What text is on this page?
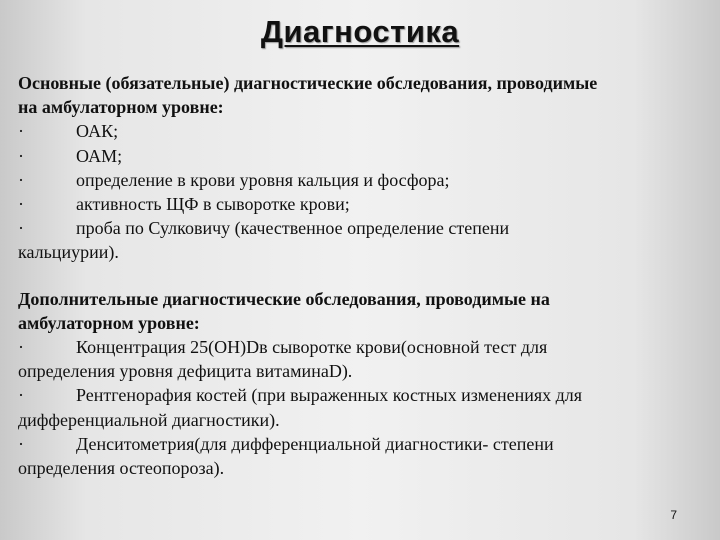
Диагностика
Основные (обязательные) диагностические обследования, проводимые
на амбулаторном уровне:
·	ОАК;
·	ОАМ;
·	определение в крови уровня кальция и фосфора;
·	активность ЩФ в сыворотке крови;
·	проба по Сулковичу (качественное определение степени
кальциурии).
Дополнительные диагностические обследования, проводимые на
амбулаторном уровне:
·	Концентрация 25(ОН)Dв сыворотке крови(основной тест для
определения уровня дефицита витаминаD).
·	Рентгенорафия костей (при выраженных костных изменениях для
дифференциальной диагностики).
·	Денситометрия(для дифференциальной диагностики- степени
определения остеопороза).
7
